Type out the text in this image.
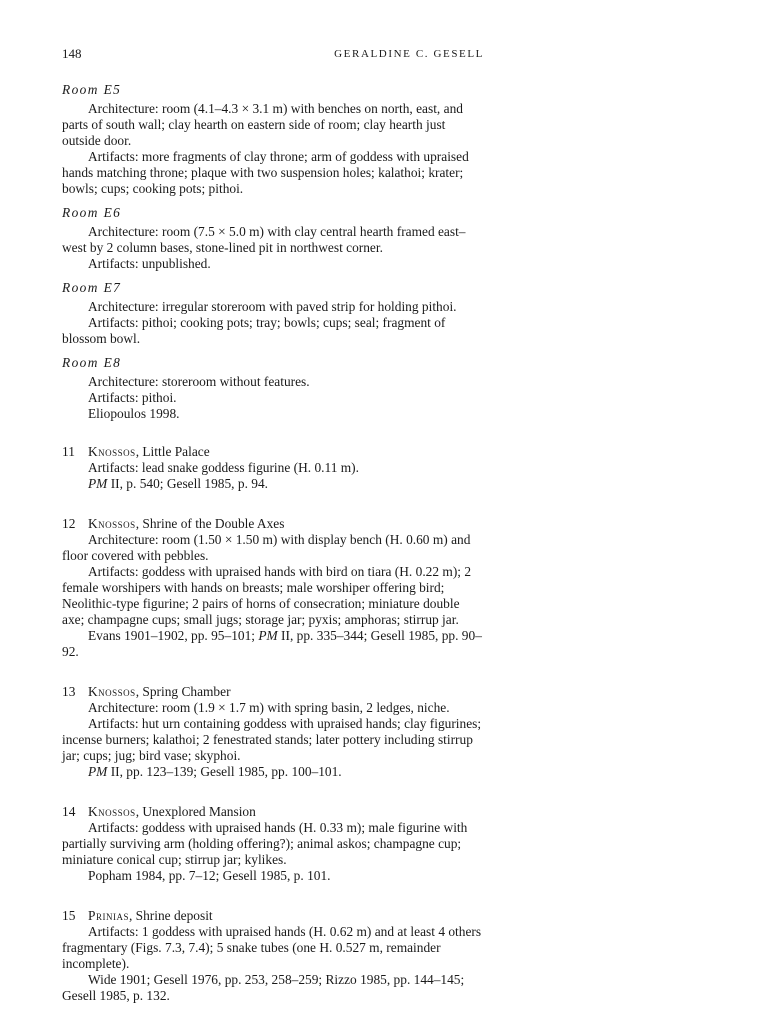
148	GERALDINE C. GESELL

Room E5

Architecture: room (4.1–4.3 × 3.1 m) with benches on north, east, and parts of south wall; clay hearth on eastern side of room; clay hearth just outside door.

Artifacts: more fragments of clay throne; arm of goddess with upraised hands matching throne; plaque with two suspension holes; kalathoi; krater; bowls; cups; cooking pots; pithoi.

Room E6

Architecture: room (7.5 × 5.0 m) with clay central hearth framed east–west by 2 column bases, stone-lined pit in northwest corner.

Artifacts: unpublished.

Room E7

Architecture: irregular storeroom with paved strip for holding pithoi.

Artifacts: pithoi; cooking pots; tray; bowls; cups; seal; fragment of blossom bowl.

Room E8

Architecture: storeroom without features.

Artifacts: pithoi.

Eliopoulos 1998.

11 Knossos, Little Palace

Artifacts: lead snake goddess figurine (H. 0.11 m).

PM II, p. 540; Gesell 1985, p. 94.

12 Knossos, Shrine of the Double Axes

Architecture: room (1.50 × 1.50 m) with display bench (H. 0.60 m) and floor covered with pebbles.

Artifacts: goddess with upraised hands with bird on tiara (H. 0.22 m); 2 female worshipers with hands on breasts; male worshiper offering bird; Neolithic-type figurine; 2 pairs of horns of consecration; miniature double axe; champagne cups; small jugs; storage jar; pyxis; amphoras; stirrup jar.

Evans 1901–1902, pp. 95–101; PM II, pp. 335–344; Gesell 1985, pp. 90–92.

13 Knossos, Spring Chamber

Architecture: room (1.9 × 1.7 m) with spring basin, 2 ledges, niche.

Artifacts: hut urn containing goddess with upraised hands; clay figurines; incense burners; kalathoi; 2 fenestrated stands; later pottery including stirrup jar; cups; jug; bird vase; skyphoi.

PM II, pp. 123–139; Gesell 1985, pp. 100–101.

14 Knossos, Unexplored Mansion

Artifacts: goddess with upraised hands (H. 0.33 m); male figurine with partially surviving arm (holding offering?); animal askos; champagne cup; miniature conical cup; stirrup jar; kylikes.

Popham 1984, pp. 7–12; Gesell 1985, p. 101.

15 Prinias, Shrine deposit

Artifacts: 1 goddess with upraised hands (H. 0.62 m) and at least 4 others fragmentary (Figs. 7.3, 7.4); 5 snake tubes (one H. 0.527 m, remainder incomplete).

Wide 1901; Gesell 1976, pp. 253, 258–259; Rizzo 1985, pp. 144–145; Gesell 1985, p. 132.
